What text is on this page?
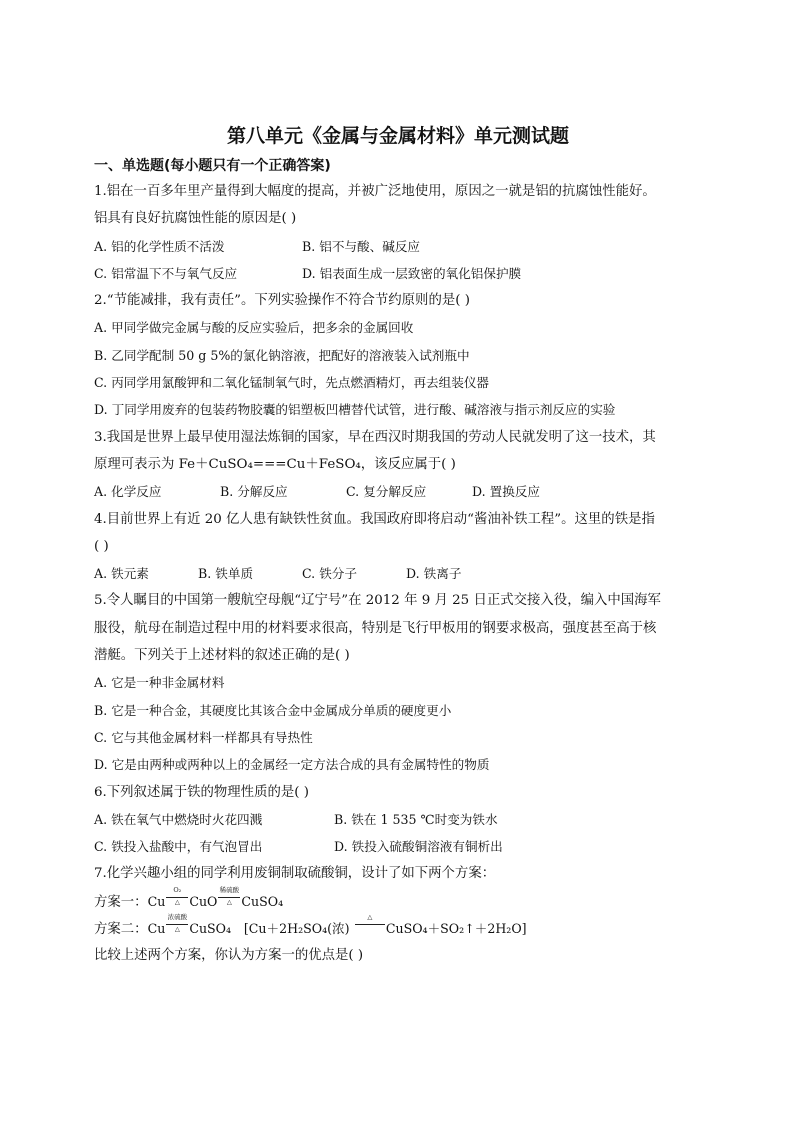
第八单元《金属与金属材料》单元测试题
一、单选题(每小题只有一个正确答案)
1.铝在一百多年里产量得到大幅度的提高，并被广泛地使用，原因之一就是铝的抗腐蚀性能好。
铝具有良好抗腐蚀性能的原因是( )
A. 铝的化学性质不活泼	B. 铝不与酸、碱反应
C. 铝常温下不与氧气反应	D. 铝表面生成一层致密的氧化铝保护膜
2.“节能减排，我有责任”。下列实验操作不符合节约原则的是( )
A. 甲同学做完金属与酸的反应实验后，把多余的金属回收
B. 乙同学配制 50 g 5%的氯化钠溶液，把配好的溶液装入试剂瓶中
C. 丙同学用氯酸钾和二氧化锰制氧气时，先点燃酒精灯，再去组装仪器
D. 丁同学用废弃的包装药物胶囊的铝塑板凹槽替代试管，进行酸、碱溶液与指示剂反应的实验
3.我国是世界上最早使用湿法炼铜的国家，早在西汉时期我国的劳动人民就发明了这一技术，其
原理可表示为 Fe＋CuSO₄===Cu＋FeSO₄，该反应属于( )
A. 化学反应	B. 分解反应	C. 复分解反应	D. 置换反应
4.目前世界上有近 20 亿人患有缺铁性贫血。我国政府即将启动“酱油补铁工程”。这里的铁是指
( )
A. 铁元素	B. 铁单质	C. 铁分子	D. 铁离子
5.令人瞩目的中国第一艘航空母舰“辽宁号”在 2012 年 9 月 25 日正式交接入役，编入中国海军
服役，航母在制造过程中用的材料要求很高，特别是飞行甲板用的钢要求极高，强度甚至高于核
潜艇。下列关于上述材料的叙述正确的是( )
A. 它是一种非金属材料
B. 它是一种合金，其硬度比其该合金中金属成分单质的硬度更小
C. 它与其他金属材料一样都具有导热性
D. 它是由两种或两种以上的金属经一定方法合成的具有金属特性的物质
6.下列叙述属于铁的物理性质的是( )
A. 铁在氧气中燃烧时火花四溅	B. 铁在 1 535 ℃时变为铁水
C. 铁投入盐酸中，有气泡冒出	D. 铁投入硫酸铜溶液有铜析出
7.化学兴趣小组的同学利用废铜制取硫酸铜，设计了如下两个方案：
方案一：Cu
O₂
△ CuO
稀硫酸
△ CuSO₄
方案二：Cu
浓硫酸
△ CuSO₄ [Cu＋2H₂SO₄(浓)
△
CuSO₄＋SO₂↑＋2H₂O]
比较上述两个方案，你认为方案一的优点是( )
